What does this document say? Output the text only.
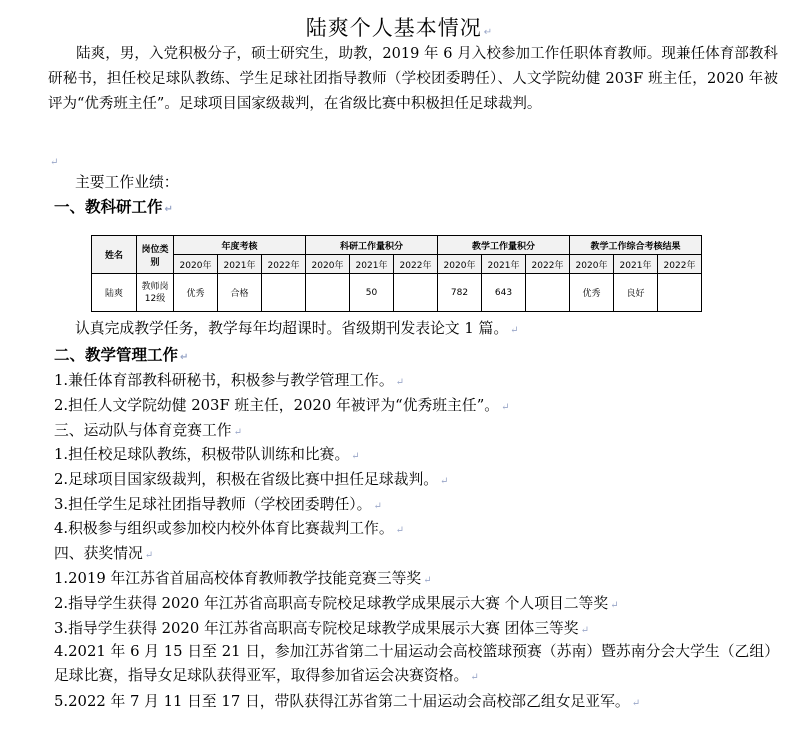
陆爽个人基本情况 ↵
陆爽，男，入党积极分子，硕士研究生，助教，2019 年 6 月入校参加工作任职体育教师。现兼任体育部教科研秘书，担任校足球队教练、学生足球社团指导教师（学校团委聘任）、人文学院幼健 203F 班主任，2020 年被评为“优秀班主任”。足球项目国家级裁判，在省级比赛中积极担任足球裁判。
↵
主要工作业绩：
一、教科研工作 ↵
姓名	岗位类别	年度考核			科研工作量积分			教学工作量积分			教学工作综合考核结果		
		2020年	2021年	2022年	2020年	2021年	2022年	2020年	2021年	2022年	2020年	2021年	2022年
陆爽	教师岗12级	优秀	合格			50		782	643		优秀	良好	
认真完成教学任务，教学每年均超课时。省级期刊发表论文 1 篇。 ↵
二、教学管理工作 ↵
1.兼任体育部教科研秘书，积极参与教学管理工作。 ↵
2.担任人文学院幼健 203F 班主任，2020 年被评为“优秀班主任”。 ↵
三、运动队与体育竞赛工作 ↵
1.担任校足球队教练，积极带队训练和比赛。 ↵
2.足球项目国家级裁判，积极在省级比赛中担任足球裁判。 ↵
3.担任学生足球社团指导教师（学校团委聘任）。 ↵
4.积极参与组织或参加校内校外体育比赛裁判工作。 ↵
四、获奖情况 ↵
1.2019 年江苏省首届高校体育教师教学技能竞赛三等奖 ↵
2.指导学生获得 2020 年江苏省高职高专院校足球教学成果展示大赛 个人项目二等奖 ↵
3.指导学生获得 2020 年江苏省高职高专院校足球教学成果展示大赛 团体三等奖 ↵
4.2021 年 6 月 15 日至 21 日，参加江苏省第二十届运动会高校篮球预赛（苏南）暨苏南分会大学生（乙组）足球比赛，指导女足球队获得亚军，取得参加省运会决赛资格。 ↵
5.2022 年 7 月 11 日至 17 日，带队获得江苏省第二十届运动会高校部乙组女足亚军。 ↵
